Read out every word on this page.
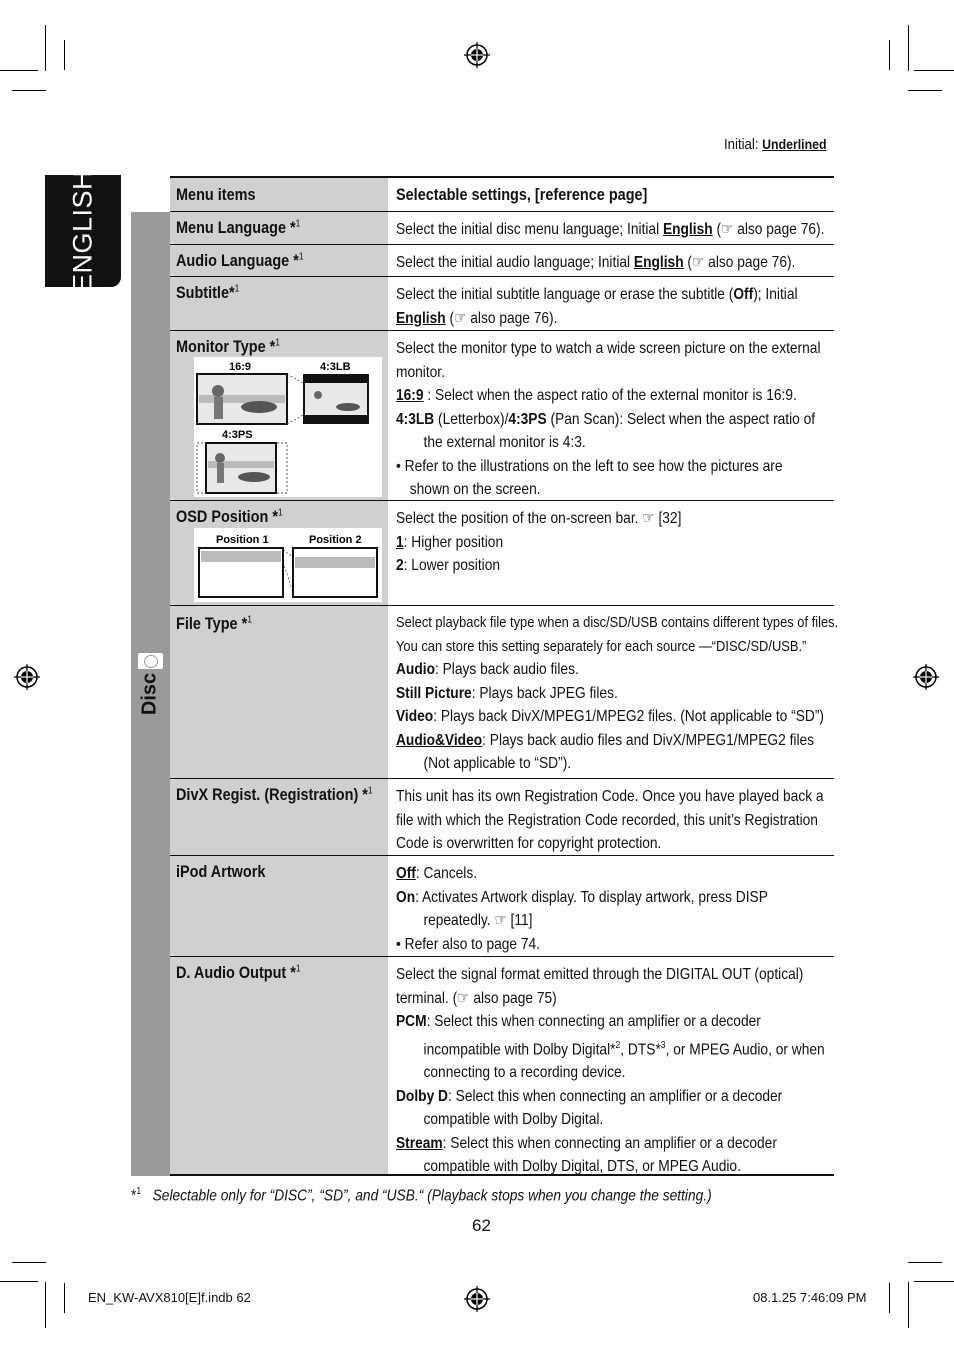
Initial: Underlined
ENGLISH	Menu items	Selectable settings, [reference page]
Disc
Menu Language *$^1$	Select the initial disc menu language; Initial English (☞ also page 76).
Audio Language *$^1$	Select the initial audio language; Initial English (☞ also page 76).
Subtitle*$^1$	Select the initial subtitle language or erase the subtitle (Off); Initial
English (☞ also page 76).
Monitor Type *$^1$
16:9	4:3LB
4:3PS
Select the monitor type to watch a wide screen picture on the external
monitor.
16:9 : Select when the aspect ratio of the external monitor is 16:9.
4:3LB (Letterbox)/4:3PS (Pan Scan): Select when the aspect ratio of
the external monitor is 4:3.
• Refer to the illustrations on the left to see how the pictures are
shown on the screen.
OSD Position *$^1$
Position 1	Position 2
Select the position of the on-screen bar. ☞ [32]
1: Higher position
2: Lower position
File Type *$^1$	Select playback file type when a disc/SD/USB contains different types of files.
You can store this setting separately for each source —“DISC/SD/USB.”
Audio: Plays back audio files.
Still Picture: Plays back JPEG files.
Video: Plays back DivX/MPEG1/MPEG2 files. (Not applicable to “SD”)
Audio&Video: Plays back audio files and DivX/MPEG1/MPEG2 files
(Not applicable to “SD”).
DivX Regist. (Registration) *$^1$ This unit has its own Registration Code. Once you have played back a
file with which the Registration Code recorded, this unit’s Registration
Code is overwritten for copyright protection.
iPod Artwork	Off: Cancels.
On: Activates Artwork display. To display artwork, press DISP
repeatedly. ☞ [11]
• Refer also to page 74.
D. Audio Output *$^1$	Select the signal format emitted through the DIGITAL OUT (optical)
terminal. (☞ also page 75)
PCM: Select this when connecting an amplifier or a decoder
incompatible with Dolby Digital*$^2$, DTS*$^3$, or MPEG Audio, or when
connecting to a recording device.
Dolby D: Select this when connecting an amplifier or a decoder
compatible with Dolby Digital.
Stream: Select this when connecting an amplifier or a decoder
compatible with Dolby Digital, DTS, or MPEG Audio.
*$^1$ Selectable only for “DISC”, “SD”, and “USB.“ (Playback stops when you change the setting.)
62
EN_KW-AVX810[E]f.indb 62	08.1.25 7:46:09 PM
